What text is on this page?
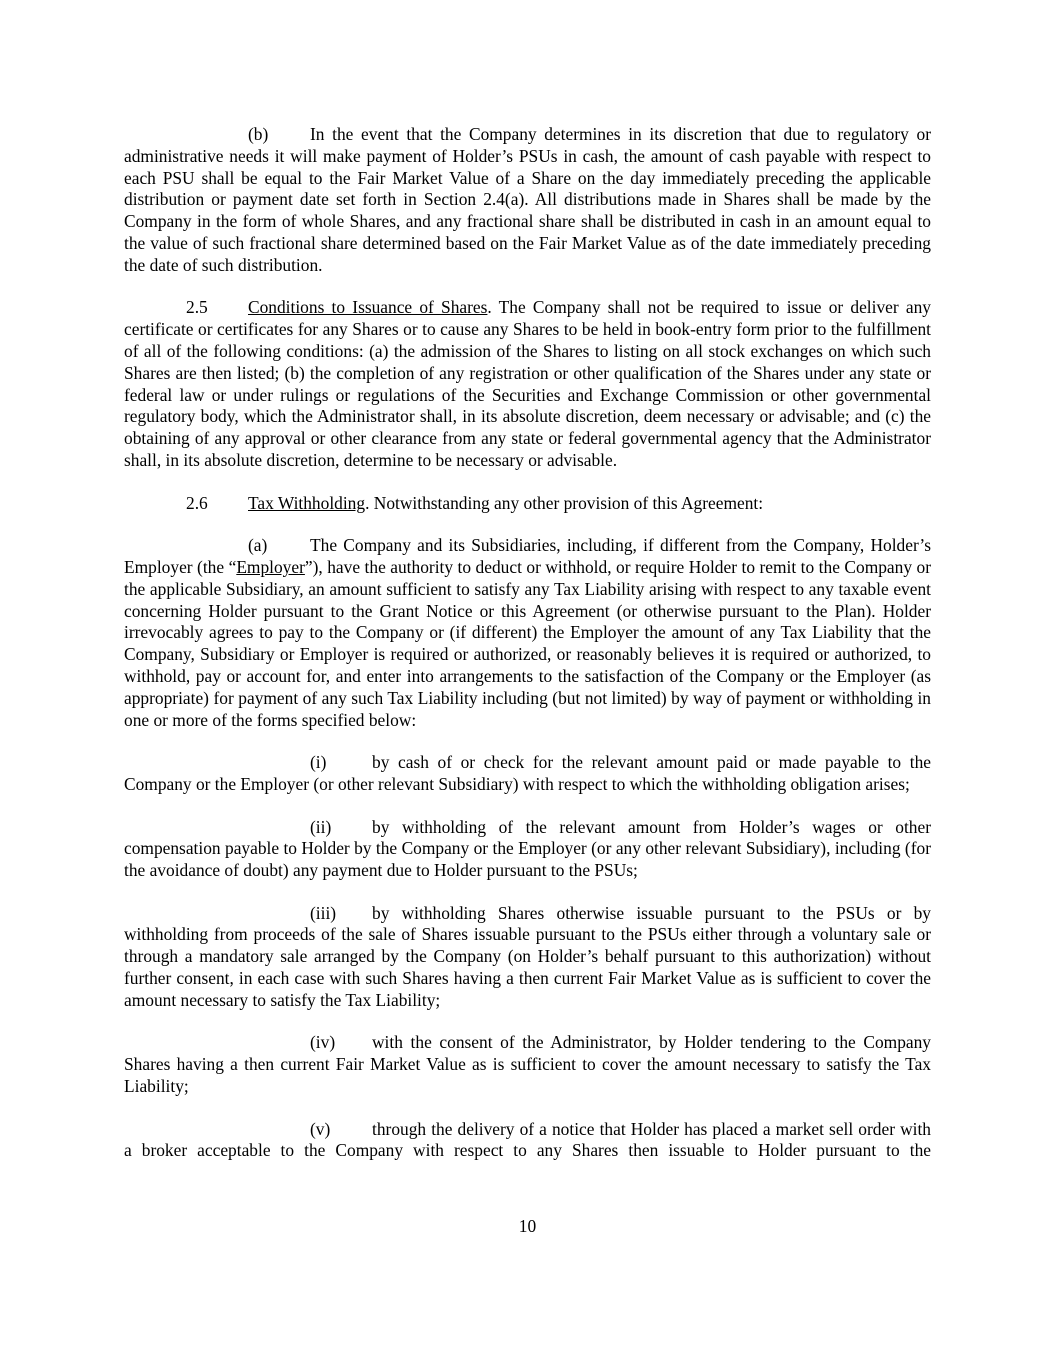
(b) In the event that the Company determines in its discretion that due to regulatory or administrative needs it will make payment of Holder’s PSUs in cash, the amount of cash payable with respect to each PSU shall be equal to the Fair Market Value of a Share on the day immediately preceding the applicable distribution or payment date set forth in Section 2.4(a). All distributions made in Shares shall be made by the Company in the form of whole Shares, and any fractional share shall be distributed in cash in an amount equal to the value of such fractional share determined based on the Fair Market Value as of the date immediately preceding the date of such distribution.

2.5 Conditions to Issuance of Shares. The Company shall not be required to issue or deliver any certificate or certificates for any Shares or to cause any Shares to be held in book-entry form prior to the fulfillment of all of the following conditions: (a) the admission of the Shares to listing on all stock exchanges on which such Shares are then listed; (b) the completion of any registration or other qualification of the Shares under any state or federal law or under rulings or regulations of the Securities and Exchange Commission or other governmental regulatory body, which the Administrator shall, in its absolute discretion, deem necessary or advisable; and (c) the obtaining of any approval or other clearance from any state or federal governmental agency that the Administrator shall, in its absolute discretion, determine to be necessary or advisable.

2.6 Tax Withholding. Notwithstanding any other provision of this Agreement:

(a) The Company and its Subsidiaries, including, if different from the Company, Holder’s Employer (the “Employer”), have the authority to deduct or withhold, or require Holder to remit to the Company or the applicable Subsidiary, an amount sufficient to satisfy any Tax Liability arising with respect to any taxable event concerning Holder pursuant to the Grant Notice or this Agreement (or otherwise pursuant to the Plan). Holder irrevocably agrees to pay to the Company or (if different) the Employer the amount of any Tax Liability that the Company, Subsidiary or Employer is required or authorized, or reasonably believes it is required or authorized, to withhold, pay or account for, and enter into arrangements to the satisfaction of the Company or the Employer (as appropriate) for payment of any such Tax Liability including (but not limited) by way of payment or withholding in one or more of the forms specified below:

(i)	by cash of or check for the relevant amount paid or made payable to the Company or the Employer (or other relevant Subsidiary) with respect to which the withholding obligation arises;

(ii) by withholding of the relevant amount from Holder’s wages or other compensation payable to Holder by the Company or the Employer (or any other relevant Subsidiary), including (for the avoidance of doubt) any payment due to Holder pursuant to the PSUs;

(iii) by withholding Shares otherwise issuable pursuant to the PSUs or by withholding from proceeds of the sale of Shares issuable pursuant to the PSUs either through a voluntary sale or through a mandatory sale arranged by the Company (on Holder’s behalf pursuant to this authorization) without further consent, in each case with such Shares having a then current Fair Market Value as is sufficient to cover the amount necessary to satisfy the Tax Liability;

(iv) with the consent of the Administrator, by Holder tendering to the Company Shares having a then current Fair Market Value as is sufficient to cover the amount necessary to satisfy the Tax Liability;

(v) through the delivery of a notice that Holder has placed a market sell order with a broker acceptable to the Company with respect to any Shares then issuable to Holder pursuant to the

10
